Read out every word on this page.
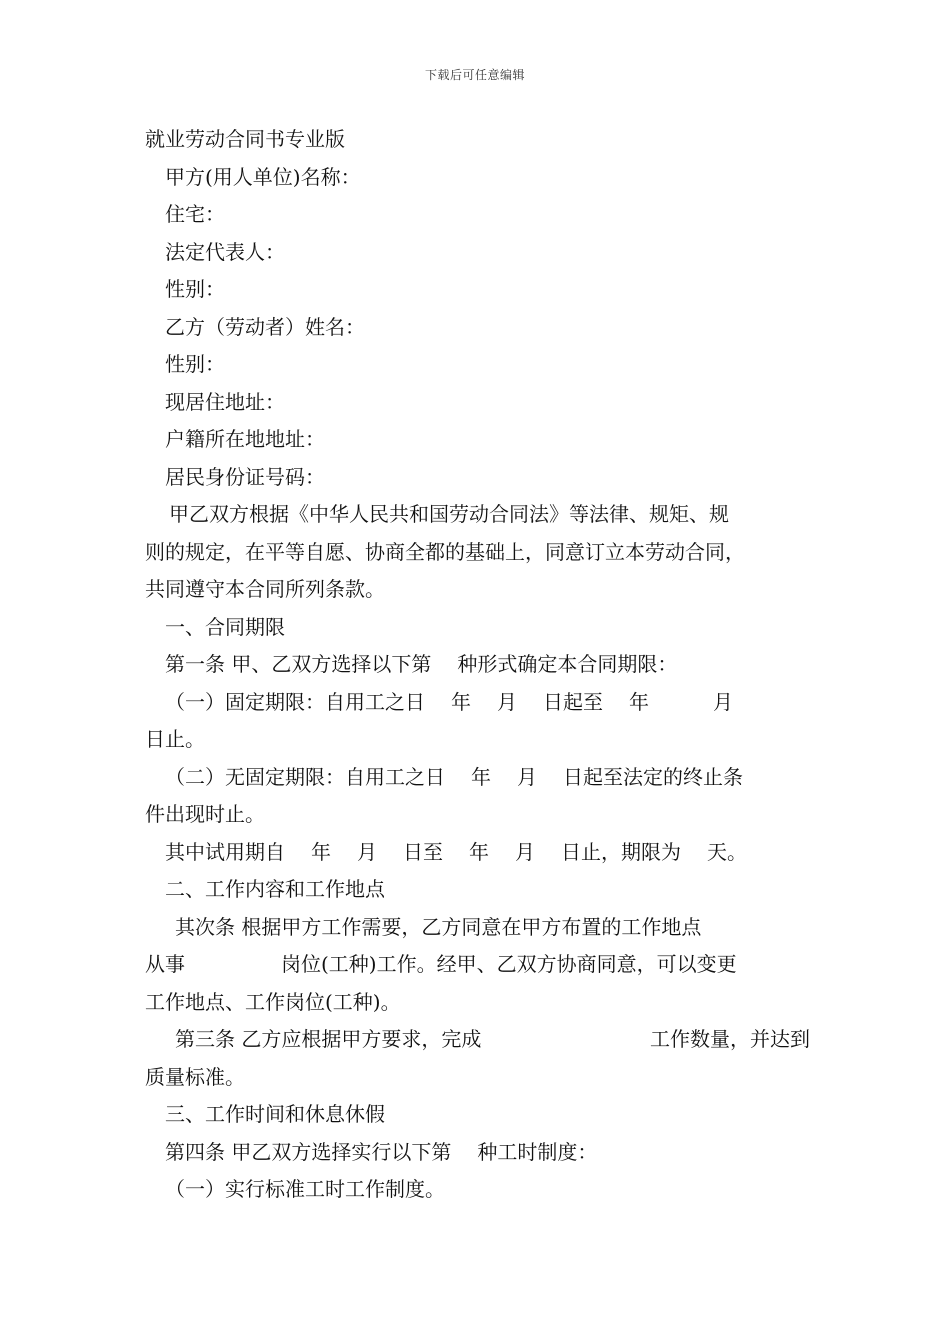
下载后可任意编辑
就业劳动合同书专业版
甲方(用人单位)名称：
住宅：
法定代表人：
性别：
乙方（劳动者）姓名：
性别：
现居住地址：
户籍所在地地址：
居民身份证号码：
甲乙双方根据《中华人民共和国劳动合同法》等法律、规矩、规
则的规定，在平等自愿、协商全都的基础上，同意订立本劳动合同，
共同遵守本合同所列条款。
一、合同期限
第一条 甲、乙双方选择以下第 种形式确定本合同期限：
（一）固定期限：自用工之日 年 月 日起至 年	月
日止。
（二）无固定期限：自用工之日 年 月 日起至法定的终止条
件出现时止。
其中试用期自 年 月 日至 年 月 日止，期限为 天。
二、工作内容和工作地点
其次条 根据甲方工作需要，乙方同意在甲方布置的工作地点
从事	岗位(工种)工作。经甲、乙双方协商同意，可以变更
工作地点、工作岗位(工种)。
第三条 乙方应根据甲方要求，完成	工作数量，并达到
质量标准。
三、工作时间和休息休假
第四条 甲乙双方选择实行以下第 种工时制度：
（一）实行标准工时工作制度。
